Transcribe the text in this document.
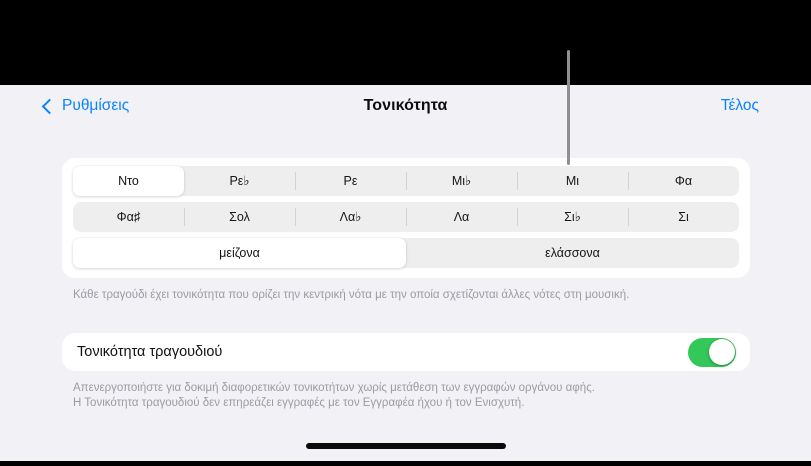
Ρυθμίσεις	Τονικότητα	Τέλος
Ντο	Ρε ♭	Ρε	Μι ♭	Μι	Φα
Φα ♯	Σολ	Λα ♭	Λα	Σι ♭	Σι
μείζονα	ελάσσονα
Κάθε τραγούδι έχει τονικότητα που ορίζει την κεντρική νότα με την οποία σχετίζονται άλλες νότες στη μουσική.
Τονικότητα τραγουδιού
Απενεργοποιήστε για δοκιμή διαφορετικών τονικοτήτων χωρίς μετάθεση των εγγραφών οργάνου αφής.
Η Τονικότητα τραγουδιού δεν επηρεάζει εγγραφές με τον Εγγραφέα ήχου ή τον Ενισχυτή.
